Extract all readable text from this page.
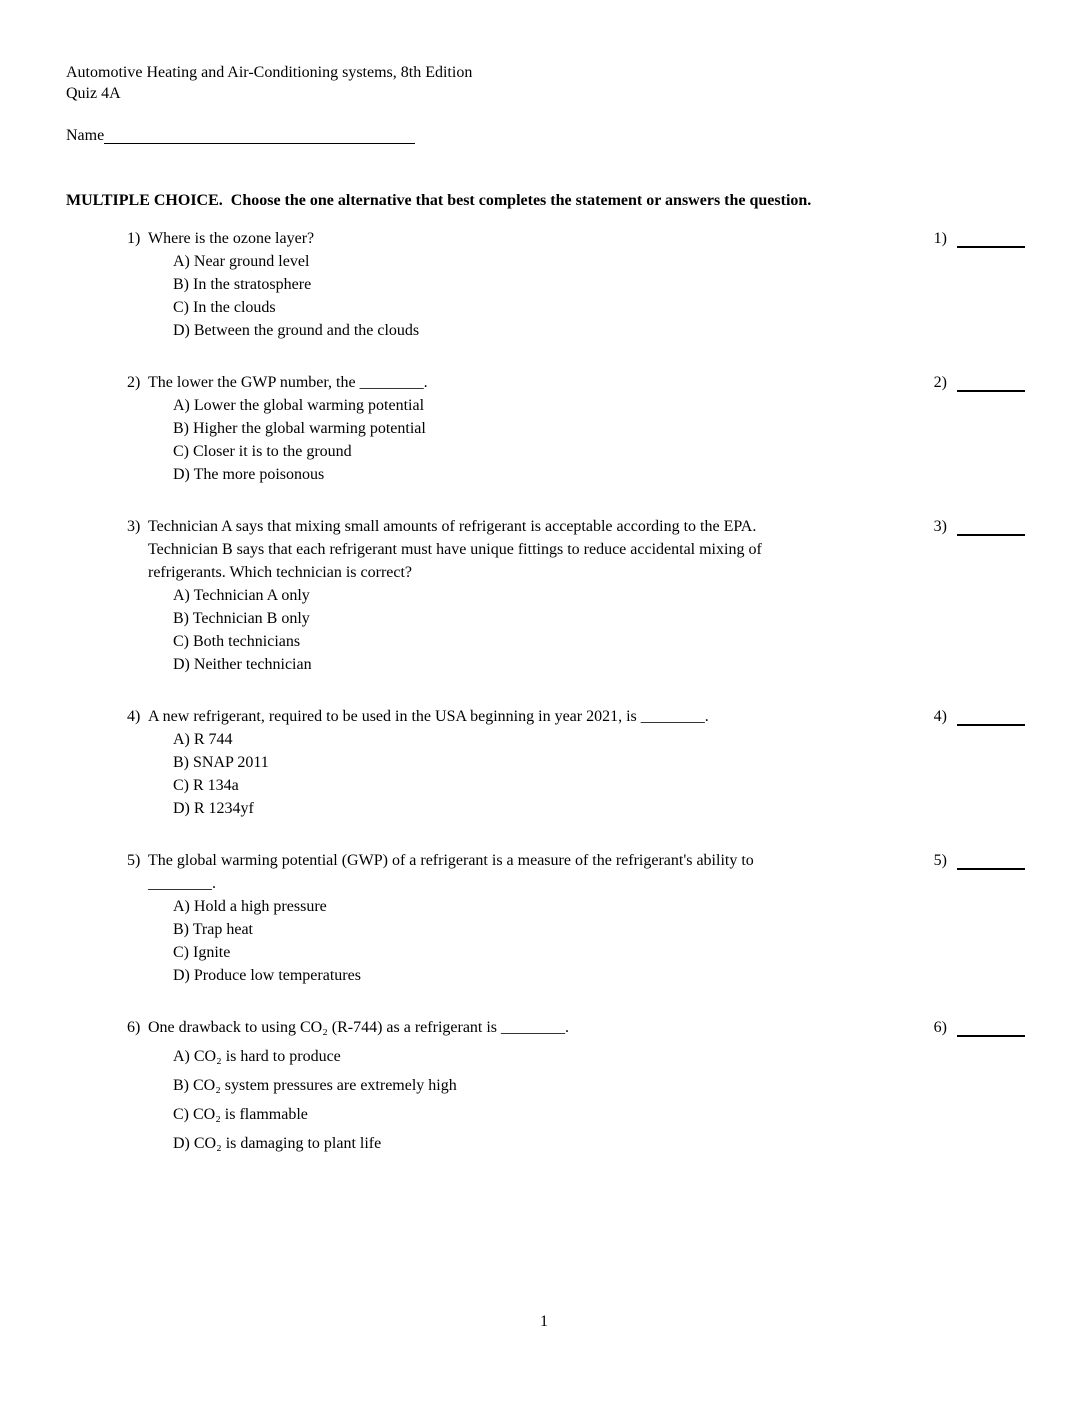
Automotive Heating and Air-Conditioning systems, 8th Edition
Quiz 4A
Name
MULTIPLE CHOICE.  Choose the one alternative that best completes the statement or answers the question.
1) Where is the ozone layer?
A) Near ground level
B) In the stratosphere
C) In the clouds
D) Between the ground and the clouds
1)
2) The lower the GWP number, the ________.
A) Lower the global warming potential
B) Higher the global warming potential
C) Closer it is to the ground
D) The more poisonous
2)
3) Technician A says that mixing small amounts of refrigerant is acceptable according to the EPA.
Technician B says that each refrigerant must have unique fittings to reduce accidental mixing of
refrigerants. Which technician is correct?
A) Technician A only
B) Technician B only
C) Both technicians
D) Neither technician
3)
4) A new refrigerant, required to be used in the USA beginning in year 2021, is ________.
A) R 744
B) SNAP 2011
C) R 134a
D) R 1234yf
4)
5) The global warming potential (GWP) of a refrigerant is a measure of the refrigerant's ability to
________.
A) Hold a high pressure
B) Trap heat
C) Ignite
D) Produce low temperatures
5)
6) One drawback to using CO₂ (R-744) as a refrigerant is ________.
A) CO₂ is hard to produce
B) CO₂ system pressures are extremely high
C) CO₂ is flammable
D) CO₂ is damaging to plant life
6)
1
